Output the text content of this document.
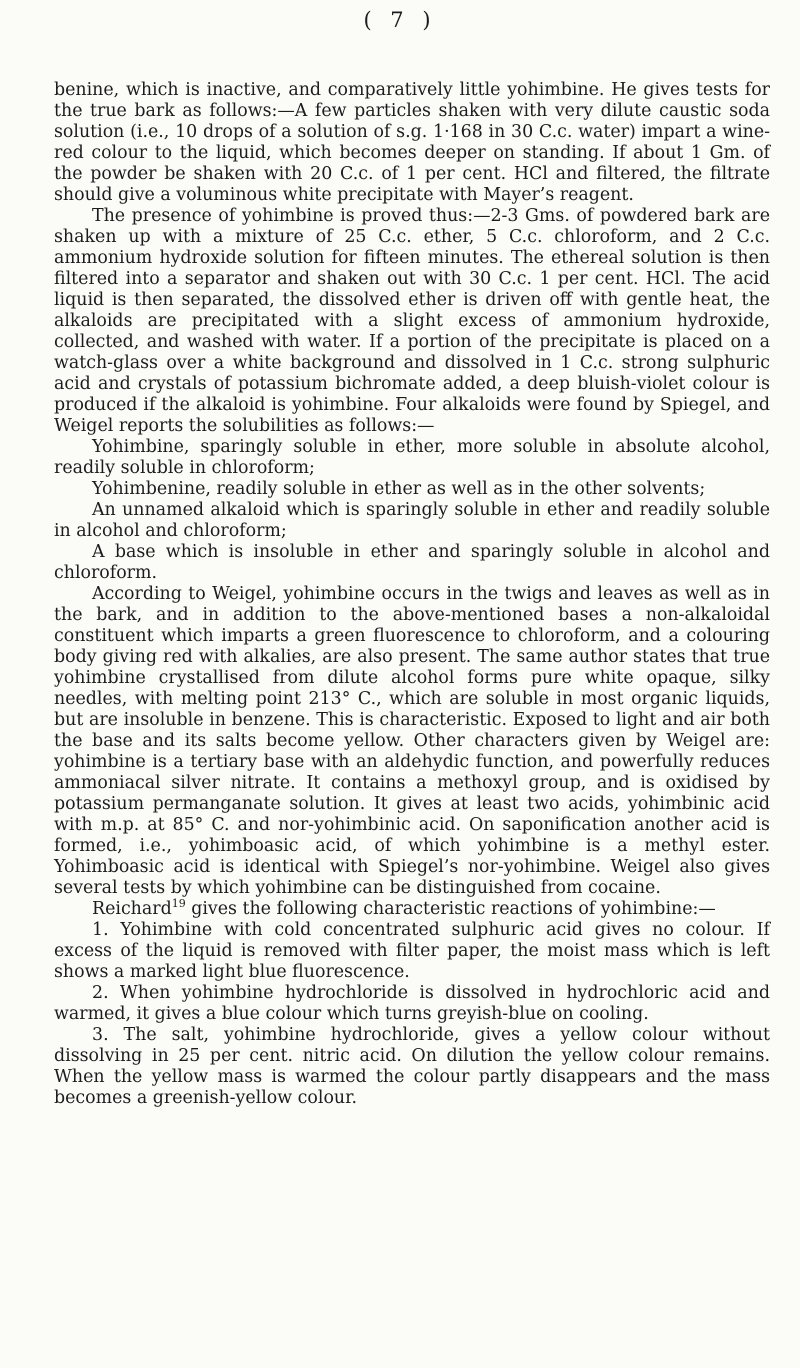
( 7 )

benine, which is inactive, and comparatively little yohimbine. He gives tests for the true bark as follows:—A few particles shaken with very dilute caustic soda solution (i.e., 10 drops of a solution of s.g. 1·168 in 30 C.c. water) impart a wine-red colour to the liquid, which becomes deeper on standing. If about 1 Gm. of the powder be shaken with 20 C.c. of 1 per cent. HCl and filtered, the filtrate should give a voluminous white precipitate with Mayer’s reagent.

The presence of yohimbine is proved thus:—2-3 Gms. of powdered bark are shaken up with a mixture of 25 C.c. ether, 5 C.c. chloroform, and 2 C.c. ammonium hydroxide solution for fifteen minutes. The ethereal solution is then filtered into a separator and shaken out with 30 C.c. 1 per cent. HCl. The acid liquid is then separated, the dissolved ether is driven off with gentle heat, the alkaloids are precipitated with a slight excess of ammonium hydroxide, collected, and washed with water. If a portion of the precipitate is placed on a watch-glass over a white background and dissolved in 1 C.c. strong sulphuric acid and crystals of potassium bichromate added, a deep bluish-violet colour is produced if the alkaloid is yohimbine. Four alkaloids were found by Spiegel, and Weigel reports the solubilities as follows:—

Yohimbine, sparingly soluble in ether, more soluble in absolute alcohol, readily soluble in chloroform;

Yohimbenine, readily soluble in ether as well as in the other solvents;

An unnamed alkaloid which is sparingly soluble in ether and readily soluble in alcohol and chloroform;

A base which is insoluble in ether and sparingly soluble in alcohol and chloroform.

According to Weigel, yohimbine occurs in the twigs and leaves as well as in the bark, and in addition to the above-mentioned bases a non-alkaloidal constituent which imparts a green fluorescence to chloroform, and a colouring body giving red with alkalies, are also present. The same author states that true yohimbine crystallised from dilute alcohol forms pure white opaque, silky needles, with melting point 213° C., which are soluble in most organic liquids, but are insoluble in benzene. This is characteristic. Exposed to light and air both the base and its salts become yellow. Other characters given by Weigel are: yohimbine is a tertiary base with an aldehydic function, and powerfully reduces ammoniacal silver nitrate. It contains a methoxyl group, and is oxidised by potassium permanganate solution. It gives at least two acids, yohimbinic acid with m.p. at 85° C. and nor-yohimbinic acid. On saponification another acid is formed, i.e., yohimboasic acid, of which yohimbine is a methyl ester. Yohimboasic acid is identical with Spiegel’s nor-yohimbine. Weigel also gives several tests by which yohimbine can be distinguished from cocaine.

Reichard$^{19}$ gives the following characteristic reactions of yohimbine:—

1. Yohimbine with cold concentrated sulphuric acid gives no colour. If excess of the liquid is removed with filter paper, the moist mass which is left shows a marked light blue fluorescence.

2. When yohimbine hydrochloride is dissolved in hydrochloric acid and warmed, it gives a blue colour which turns greyish-blue on cooling.

3. The salt, yohimbine hydrochloride, gives a yellow colour without dissolving in 25 per cent. nitric acid. On dilution the yellow colour remains. When the yellow mass is warmed the colour partly disappears and the mass becomes a greenish-yellow colour.
